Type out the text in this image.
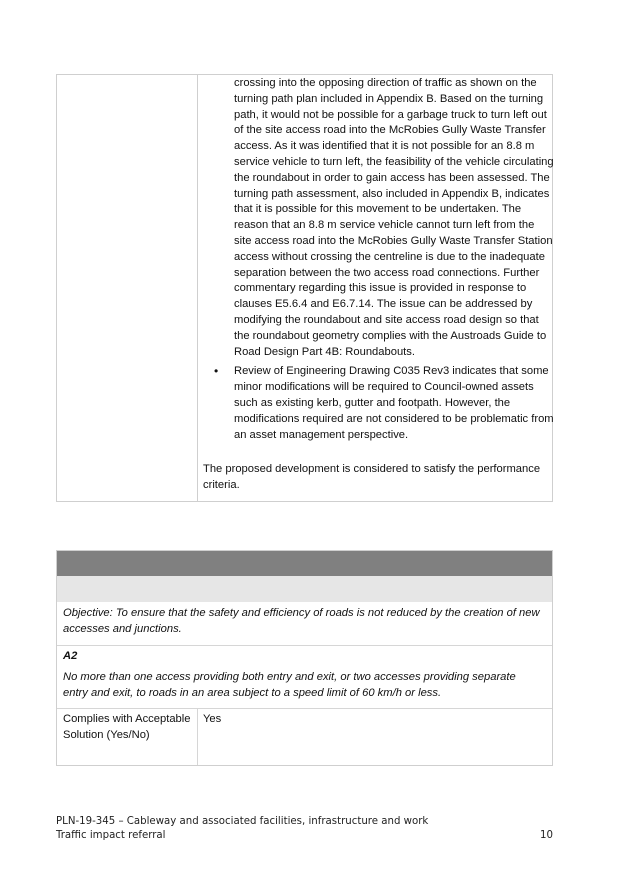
crossing into the opposing direction of traffic as shown on the turning path plan included in Appendix B. Based on the turning path, it would not be possible for a garbage truck to turn left out of the site access road into the McRobies Gully Waste Transfer access. As it was identified that it is not possible for an 8.8 m service vehicle to turn left, the feasibility of the vehicle circulating the roundabout in order to gain access has been assessed. The turning path assessment, also included in Appendix B, indicates that it is possible for this movement to be undertaken. The reason that an 8.8 m service vehicle cannot turn left from the site access road into the McRobies Gully Waste Transfer Station access without crossing the centreline is due to the inadequate separation between the two access road connections. Further commentary regarding this issue is provided in response to clauses E5.6.4 and E6.7.14. The issue can be addressed by modifying the roundabout and site access road design so that the roundabout geometry complies with the Austroads Guide to Road Design Part 4B: Roundabouts.
• Review of Engineering Drawing C035 Rev3 indicates that some minor modifications will be required to Council-owned assets such as existing kerb, gutter and footpath. However, the modifications required are not considered to be problematic from an asset management perspective.

The proposed development is considered to satisfy the performance criteria.

Objective: To ensure that the safety and efficiency of roads is not reduced by the creation of new accesses and junctions.

A2

No more than one access providing both entry and exit, or two accesses providing separate entry and exit, to roads in an area subject to a speed limit of 60 km/h or less.

Complies with Acceptable Solution (Yes/No)

Yes

PLN-19-345 – Cableway and associated facilities, infrastructure and work
Traffic impact referral	10
